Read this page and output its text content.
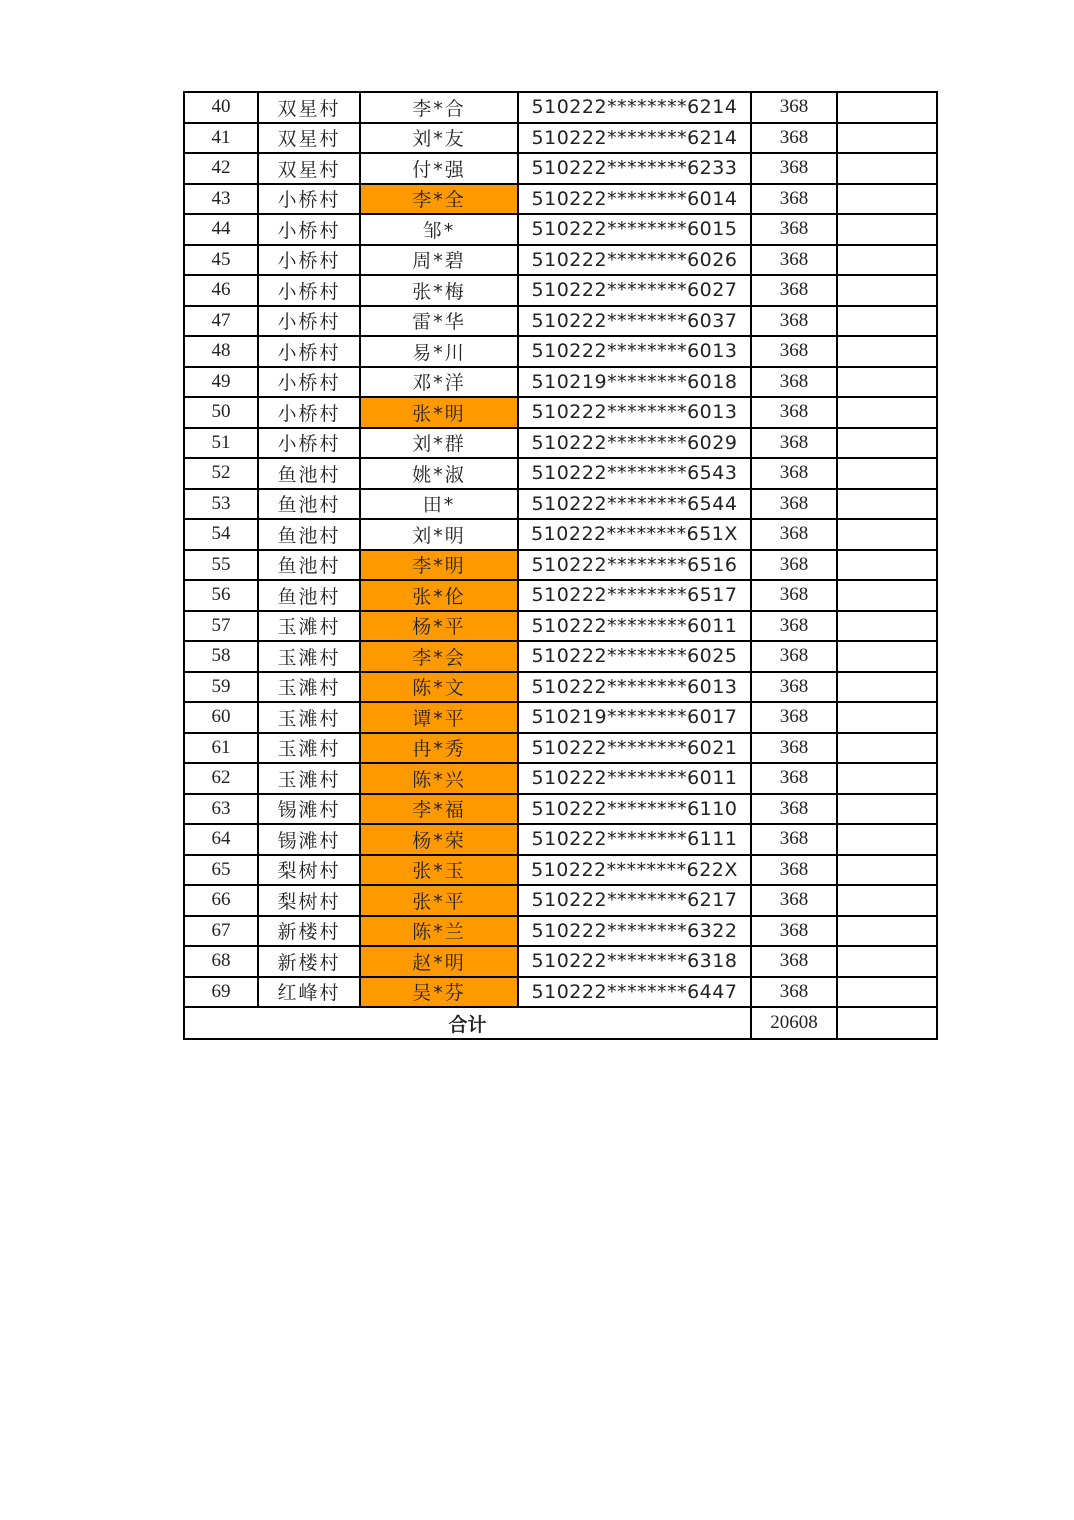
40	双星村	李*合	510222********6214	368	
41	双星村	刘*友	510222********6214	368	
42	双星村	付*强	510222********6233	368	
43	小桥村	李*全	510222********6014	368	
44	小桥村	邹*	510222********6015	368	
45	小桥村	周*碧	510222********6026	368	
46	小桥村	张*梅	510222********6027	368	
47	小桥村	雷*华	510222********6037	368	
48	小桥村	易*川	510222********6013	368	
49	小桥村	邓*洋	510219********6018	368	
50	小桥村	张*明	510222********6013	368	
51	小桥村	刘*群	510222********6029	368	
52	鱼池村	姚*淑	510222********6543	368	
53	鱼池村	田*	510222********6544	368	
54	鱼池村	刘*明	510222********651X	368	
55	鱼池村	李*明	510222********6516	368	
56	鱼池村	张*伦	510222********6517	368	
57	玉滩村	杨*平	510222********6011	368	
58	玉滩村	李*会	510222********6025	368	
59	玉滩村	陈*文	510222********6013	368	
60	玉滩村	谭*平	510219********6017	368	
61	玉滩村	冉*秀	510222********6021	368	
62	玉滩村	陈*兴	510222********6011	368	
63	锡滩村	李*福	510222********6110	368	
64	锡滩村	杨*荣	510222********6111	368	
65	梨树村	张*玉	510222********622X	368	
66	梨树村	张*平	510222********6217	368	
67	新楼村	陈*兰	510222********6322	368	
68	新楼村	赵*明	510222********6318	368	
69	红峰村	吴*芬	510222********6447	368	
合计				20608	
